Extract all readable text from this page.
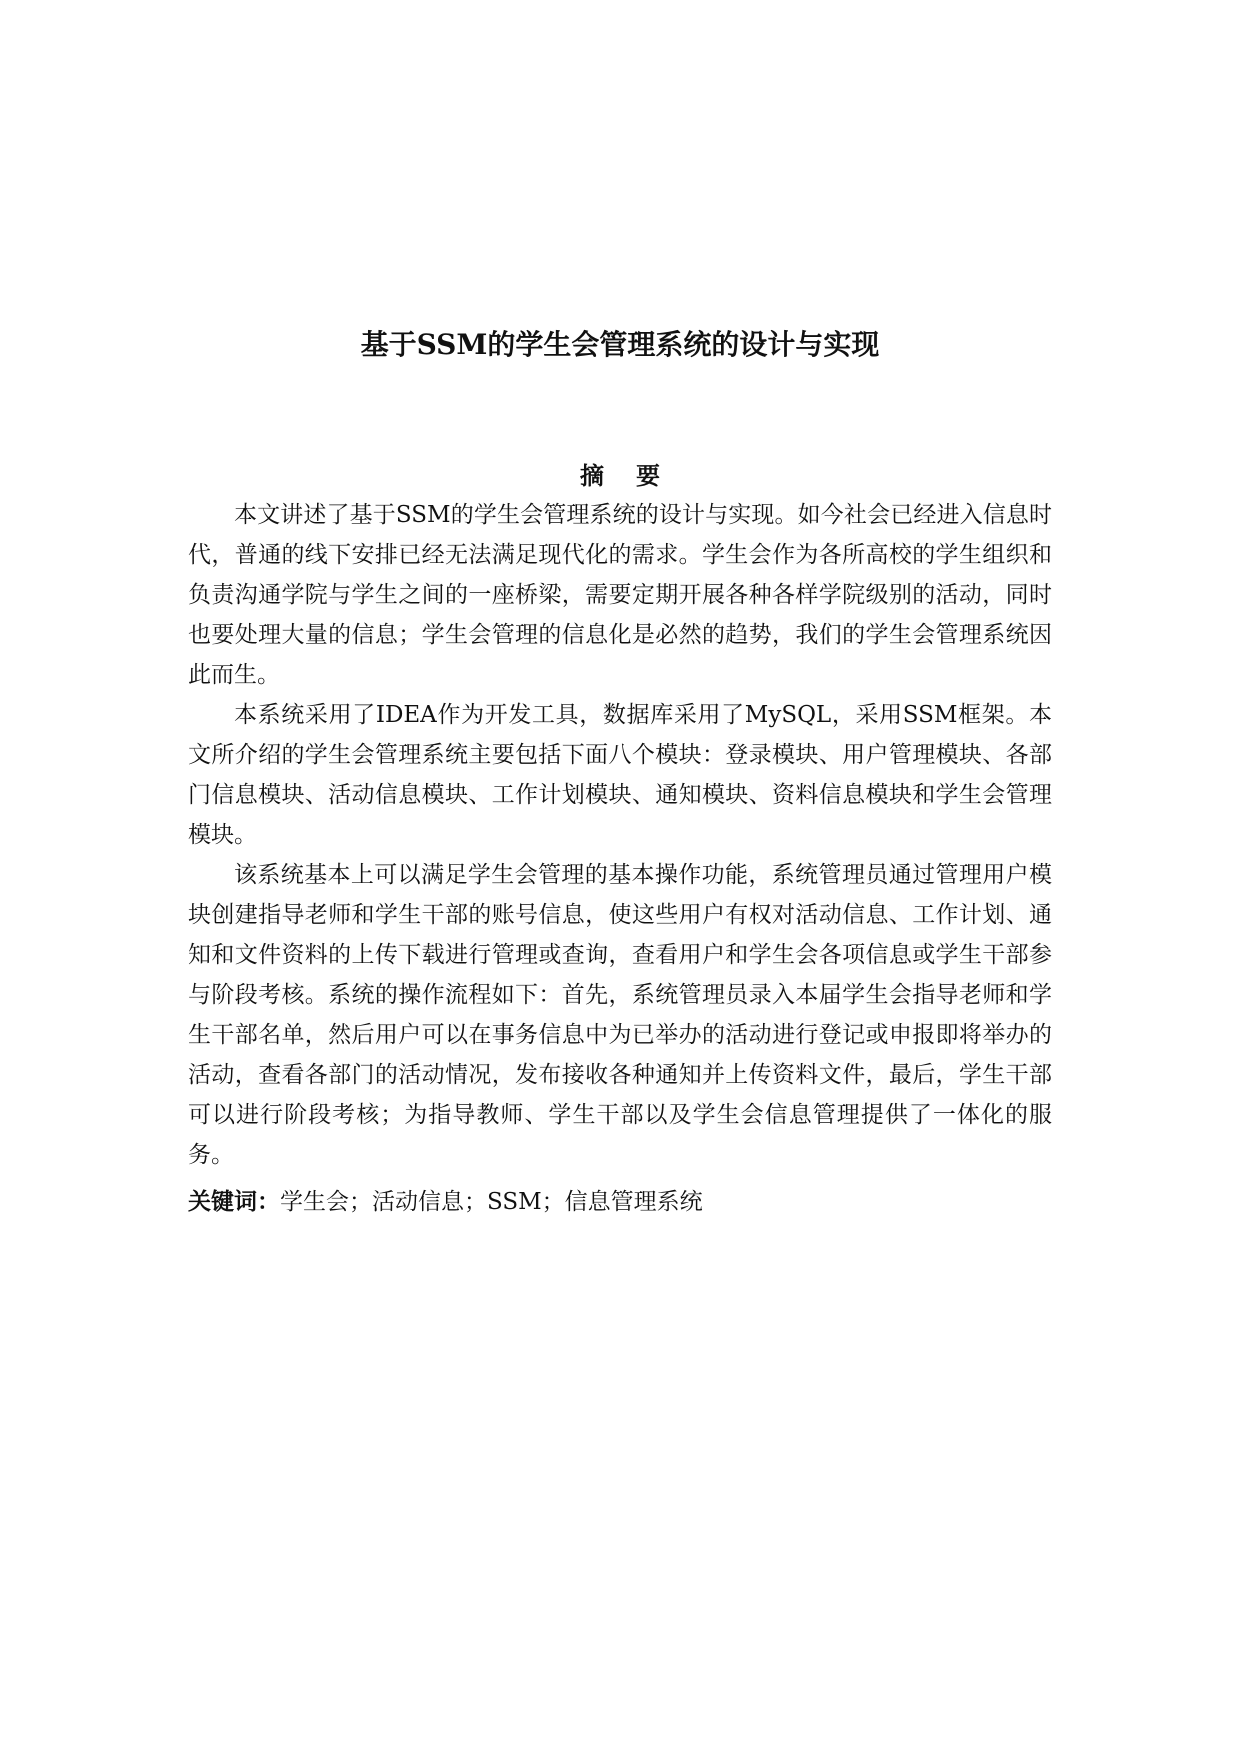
基于SSM的学生会管理系统的设计与实现
摘 要

本文讲述了基于SSM的学生会管理系统的设计与实现。如今社会已经进入信息时代，普通的线下安排已经无法满足现代化的需求。学生会作为各所高校的学生组织和负责沟通学院与学生之间的一座桥梁，需要定期开展各种各样学院级别的活动，同时也要处理大量的信息；学生会管理的信息化是必然的趋势，我们的学生会管理系统因此而生。

本系统采用了IDEA作为开发工具，数据库采用了MySQL，采用SSM框架。本文所介绍的学生会管理系统主要包括下面八个模块：登录模块、用户管理模块、各部门信息模块、活动信息模块、工作计划模块、通知模块、资料信息模块和学生会管理模块。

该系统基本上可以满足学生会管理的基本操作功能，系统管理员通过管理用户模块创建指导老师和学生干部的账号信息，使这些用户有权对活动信息、工作计划、通知和文件资料的上传下载进行管理或查询，查看用户和学生会各项信息或学生干部参与阶段考核。系统的操作流程如下：首先，系统管理员录入本届学生会指导老师和学生干部名单，然后用户可以在事务信息中为已举办的活动进行登记或申报即将举办的活动，查看各部门的活动情况，发布接收各种通知并上传资料文件，最后，学生干部可以进行阶段考核；为指导教师、学生干部以及学生会信息管理提供了一体化的服务。

关键词：学生会；活动信息；SSM；信息管理系统
